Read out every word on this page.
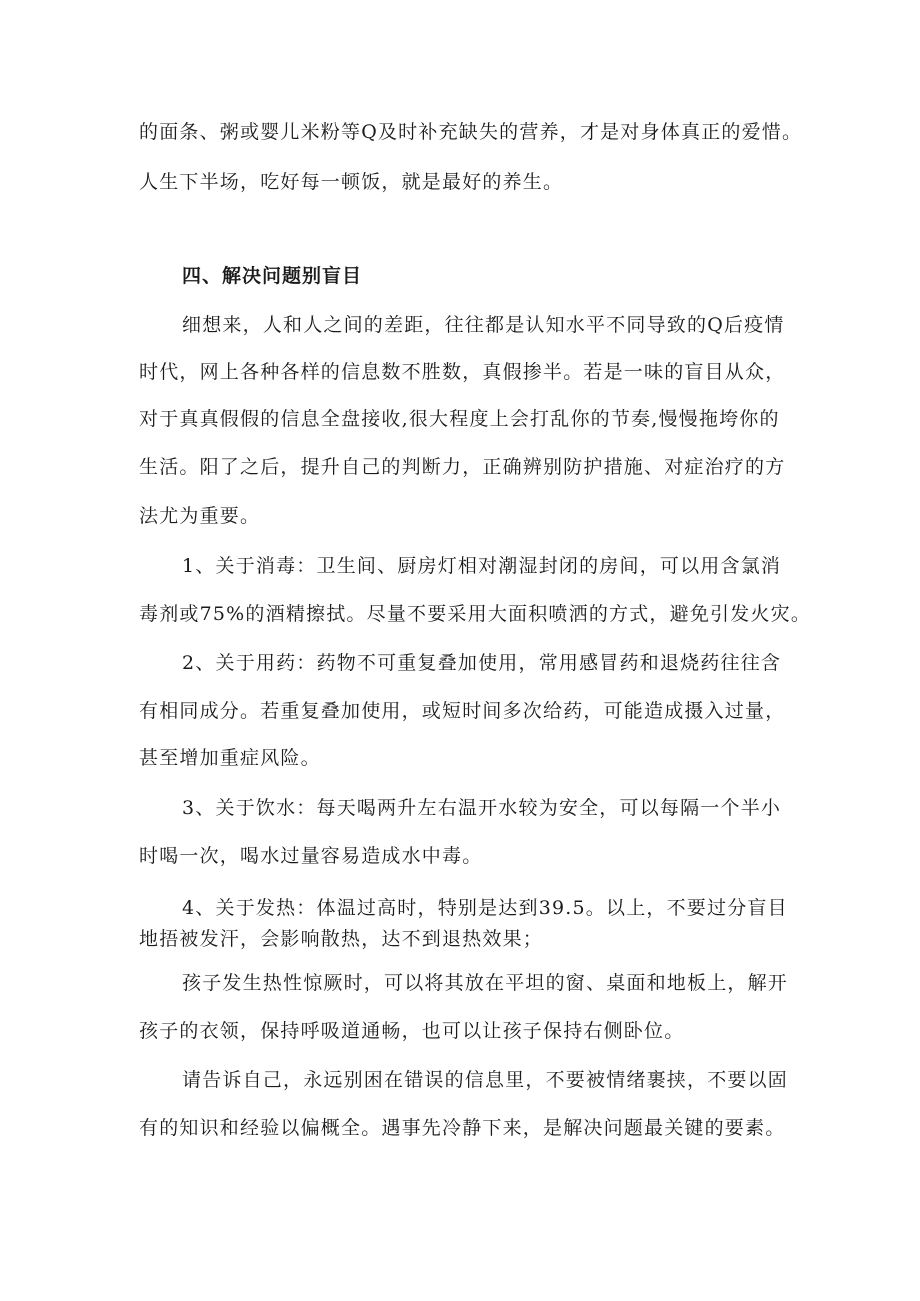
的面条、粥或婴儿米粉等Q及时补充缺失的营养，才是对身体真正的爱惜。
人生下半场，吃好每一顿饭，就是最好的养生。
四、解决问题别盲目
细想来，人和人之间的差距，往往都是认知水平不同导致的Q后疫情
时代，网上各种各样的信息数不胜数，真假掺半。若是一味的盲目从众，
对于真真假假的信息全盘接收,很大程度上会打乱你的节奏,慢慢拖垮你的
生活。阳了之后，提升自己的判断力，正确辨别防护措施、对症治疗的方
法尤为重要。
1、关于消毒：卫生间、厨房灯相对潮湿封闭的房间，可以用含氯消
毒剂或75%的酒精擦拭。尽量不要采用大面积喷洒的方式，避免引发火灾。
2、关于用药：药物不可重复叠加使用，常用感冒药和退烧药往往含
有相同成分。若重复叠加使用，或短时间多次给药，可能造成摄入过量，
甚至增加重症风险。
3、关于饮水：每天喝两升左右温开水较为安全，可以每隔一个半小
时喝一次，喝水过量容易造成水中毒。
4、关于发热：体温过高时，特别是达到39.5。以上，不要过分盲目
地捂被发汗，会影响散热，达不到退热效果；
孩子发生热性惊厥时，可以将其放在平坦的窗、桌面和地板上，解开
孩子的衣领，保持呼吸道通畅，也可以让孩子保持右侧卧位。
请告诉自己，永远别困在错误的信息里，不要被情绪裹挟，不要以固
有的知识和经验以偏概全。遇事先冷静下来，是解决问题最关键的要素。
